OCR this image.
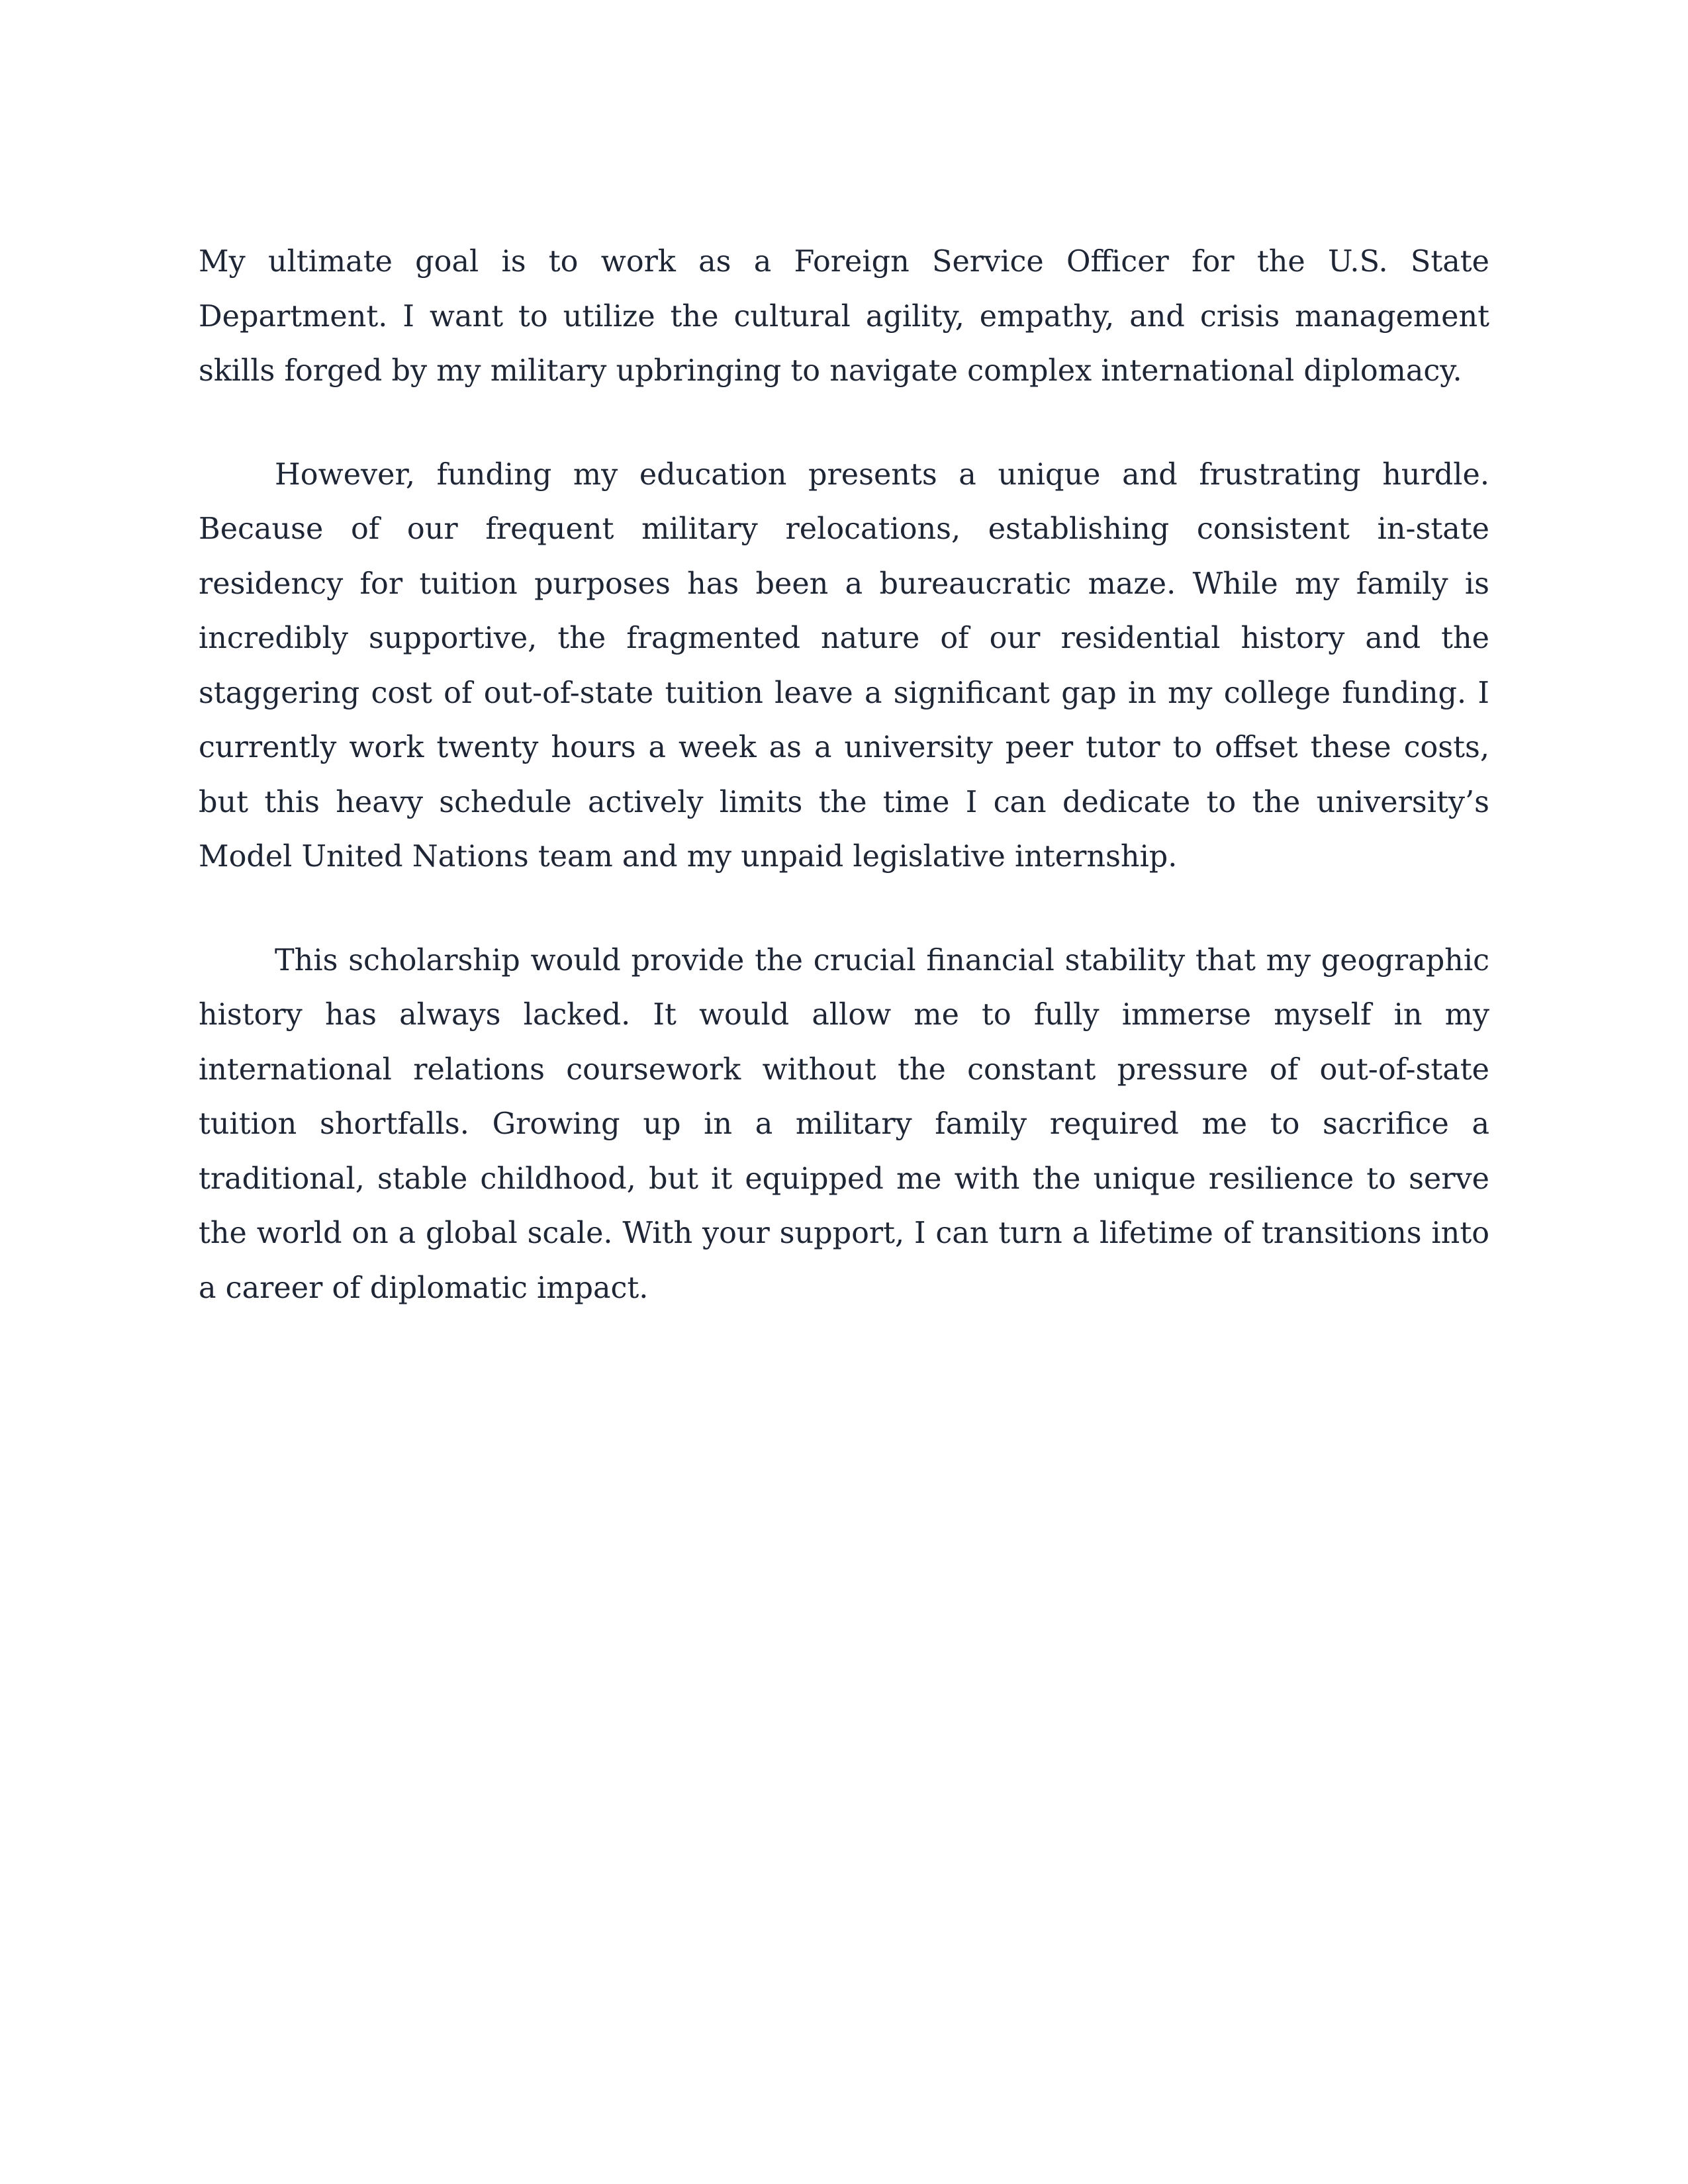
My ultimate goal is to work as a Foreign Service Officer for the U.S. State Department. I want to utilize the cultural agility, empathy, and crisis management skills forged by my military upbringing to navigate complex international diplomacy.

However, funding my education presents a unique and frustrating hurdle. Because of our frequent military relocations, establishing consistent in-state residency for tuition purposes has been a bureaucratic maze. While my family is incredibly supportive, the fragmented nature of our residential history and the staggering cost of out-of-state tuition leave a significant gap in my college funding. I currently work twenty hours a week as a university peer tutor to offset these costs, but this heavy schedule actively limits the time I can dedicate to the university’s Model United Nations team and my unpaid legislative internship.

This scholarship would provide the crucial financial stability that my geographic history has always lacked. It would allow me to fully immerse myself in my international relations coursework without the constant pressure of out-of-state tuition shortfalls. Growing up in a military family required me to sacrifice a traditional, stable childhood, but it equipped me with the unique resilience to serve the world on a global scale. With your support, I can turn a lifetime of transitions into a career of diplomatic impact.
